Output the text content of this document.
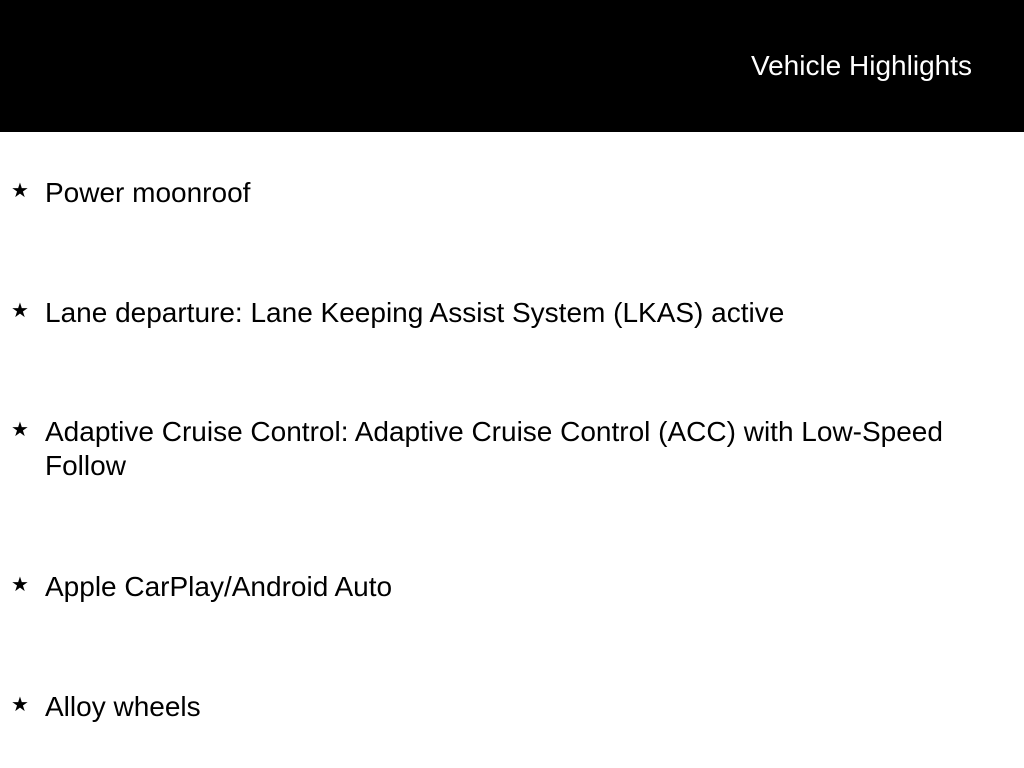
Vehicle Highlights
★ Power moonroof
★ Lane departure: Lane Keeping Assist System (LKAS) active
★ Adaptive Cruise Control: Adaptive Cruise Control (ACC) with Low-Speed Follow
★ Apple CarPlay/Android Auto
★ Alloy wheels
